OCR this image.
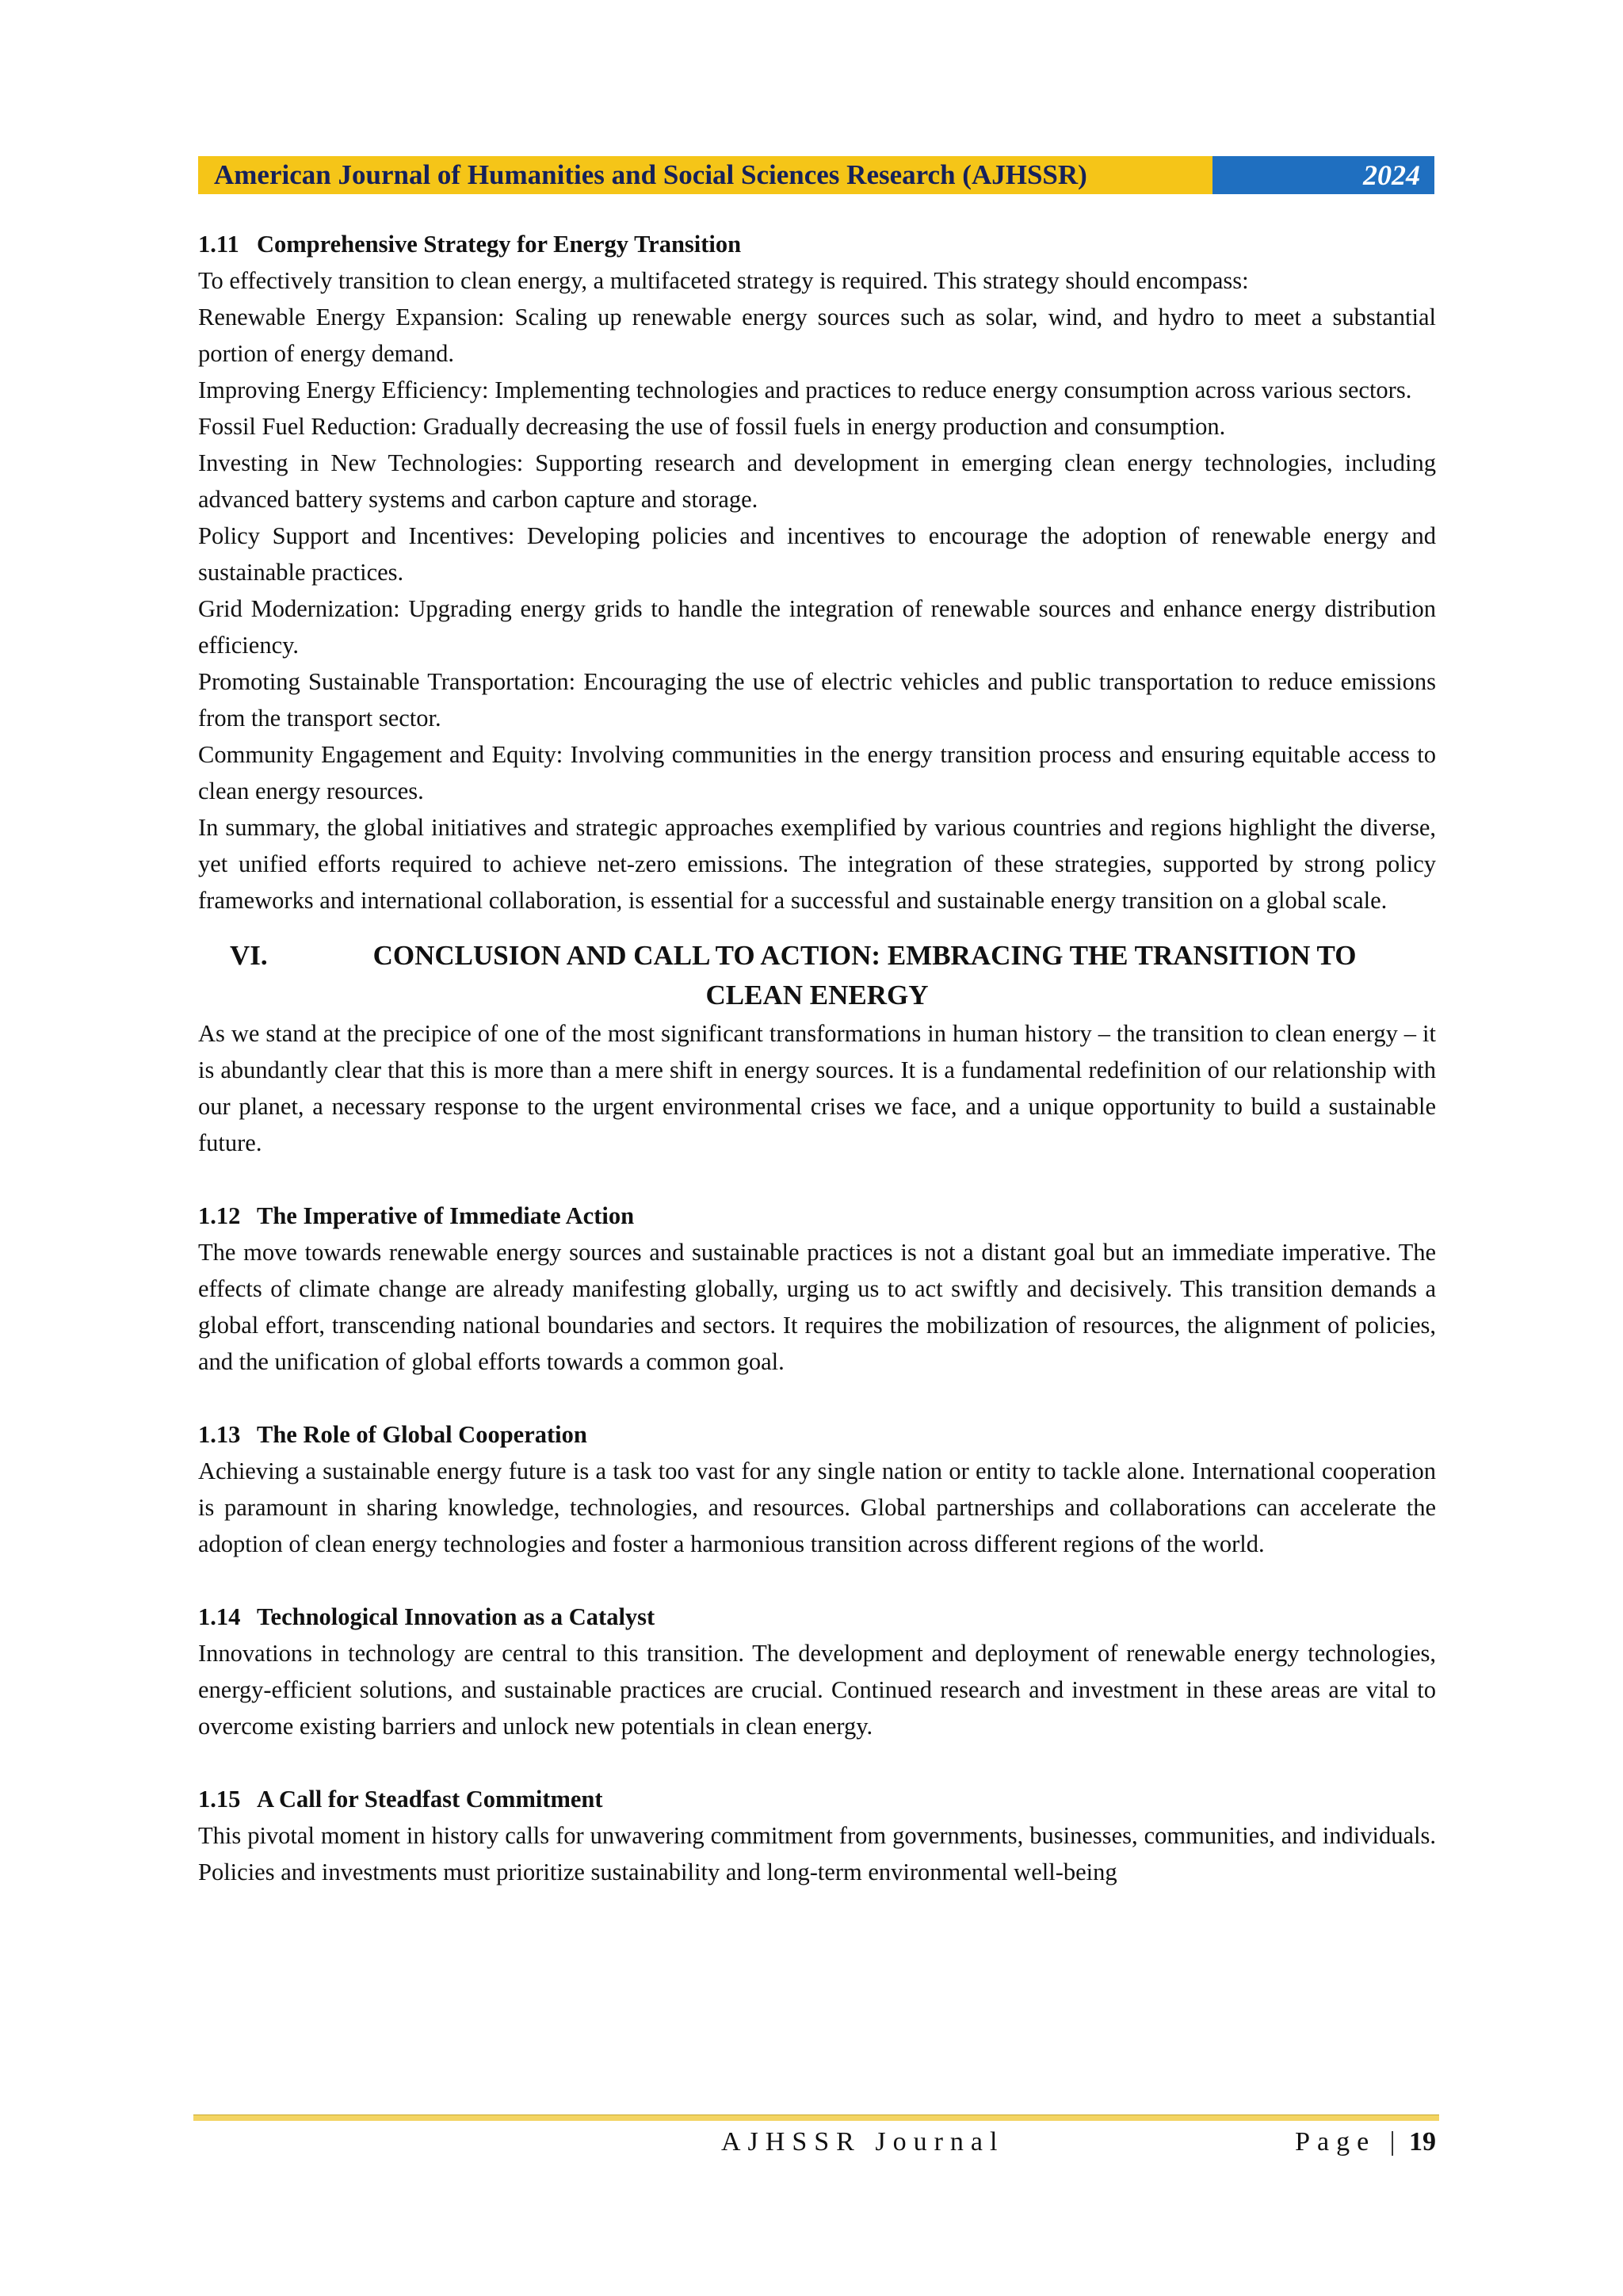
American Journal of Humanities and Social Sciences Research (AJHSSR)	2024
1.11 Comprehensive Strategy for Energy Transition

To effectively transition to clean energy, a multifaceted strategy is required. This strategy should encompass:

Renewable Energy Expansion: Scaling up renewable energy sources such as solar, wind, and hydro to meet a substantial portion of energy demand.

Improving Energy Efficiency: Implementing technologies and practices to reduce energy consumption across various sectors.

Fossil Fuel Reduction: Gradually decreasing the use of fossil fuels in energy production and consumption.

Investing in New Technologies: Supporting research and development in emerging clean energy technologies, including advanced battery systems and carbon capture and storage.

Policy Support and Incentives: Developing policies and incentives to encourage the adoption of renewable energy and sustainable practices.

Grid Modernization: Upgrading energy grids to handle the integration of renewable sources and enhance energy distribution efficiency.

Promoting Sustainable Transportation: Encouraging the use of electric vehicles and public transportation to reduce emissions from the transport sector.

Community Engagement and Equity: Involving communities in the energy transition process and ensuring equitable access to clean energy resources.

In summary, the global initiatives and strategic approaches exemplified by various countries and regions highlight the diverse, yet unified efforts required to achieve net-zero emissions. The integration of these strategies, supported by strong policy frameworks and international collaboration, is essential for a successful and sustainable energy transition on a global scale.

VI.	CONCLUSION AND CALL TO ACTION: EMBRACING THE TRANSITION TO
CLEAN ENERGY

As we stand at the precipice of one of the most significant transformations in human history – the transition to clean energy – it is abundantly clear that this is more than a mere shift in energy sources. It is a fundamental redefinition of our relationship with our planet, a necessary response to the urgent environmental crises we face, and a unique opportunity to build a sustainable future.

1.12 The Imperative of Immediate Action

The move towards renewable energy sources and sustainable practices is not a distant goal but an immediate imperative. The effects of climate change are already manifesting globally, urging us to act swiftly and decisively. This transition demands a global effort, transcending national boundaries and sectors. It requires the mobilization of resources, the alignment of policies, and the unification of global efforts towards a common goal.

1.13 The Role of Global Cooperation

Achieving a sustainable energy future is a task too vast for any single nation or entity to tackle alone. International cooperation is paramount in sharing knowledge, technologies, and resources. Global partnerships and collaborations can accelerate the adoption of clean energy technologies and foster a harmonious transition across different regions of the world.

1.14 Technological Innovation as a Catalyst

Innovations in technology are central to this transition. The development and deployment of renewable energy technologies, energy-efficient solutions, and sustainable practices are crucial. Continued research and investment in these areas are vital to overcome existing barriers and unlock new potentials in clean energy.

1.15 A Call for Steadfast Commitment

This pivotal moment in history calls for unwavering commitment from governments, businesses, communities, and individuals. Policies and investments must prioritize sustainability and long-term environmental well-being

AJHSSR Journal	Page | 19
